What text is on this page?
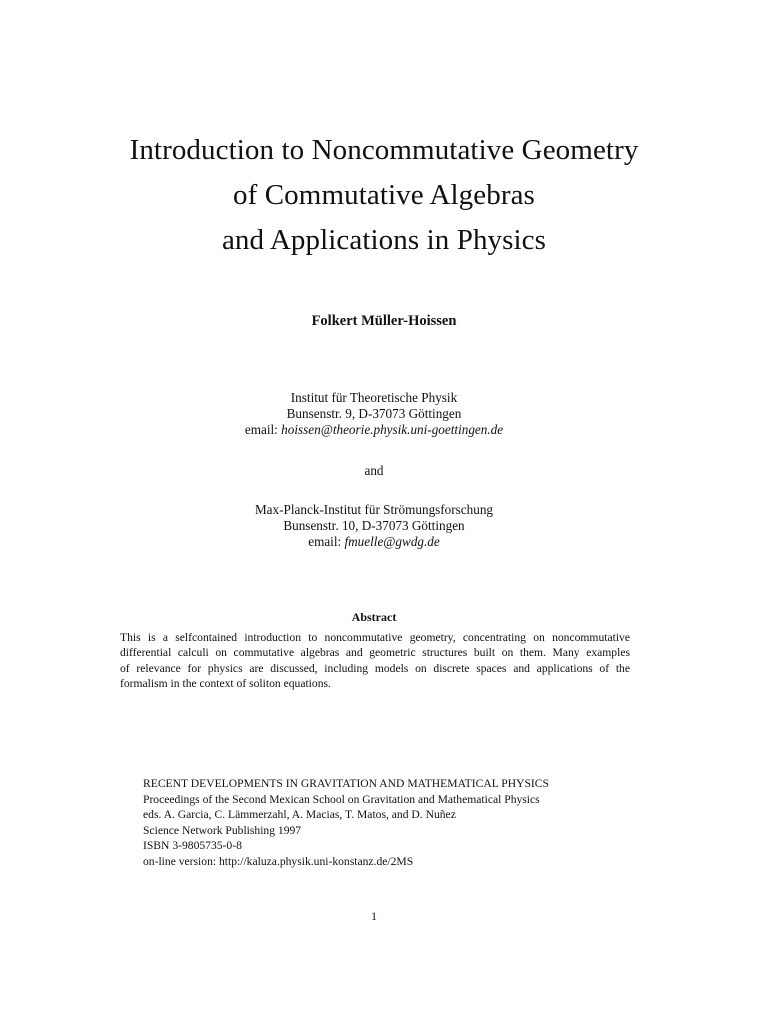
Introduction to Noncommutative Geometry
of Commutative Algebras
and Applications in Physics
Folkert Müller-Hoissen
Institut für Theoretische Physik
Bunsenstr. 9, D-37073 Göttingen
email: hoissen@theorie.physik.uni-goettingen.de
and
Max-Planck-Institut für Strömungsforschung
Bunsenstr. 10, D-37073 Göttingen
email: fmuelle@gwdg.de
Abstract
This is a selfcontained introduction to noncommutative geometry, concentrating on noncommutative
differential calculi on commutative algebras and geometric structures built on them. Many examples
of relevance for physics are discussed, including models on discrete spaces and applications of the
formalism in the context of soliton equations.
RECENT DEVELOPMENTS IN GRAVITATION AND MATHEMATICAL PHYSICS
Proceedings of the Second Mexican School on Gravitation and Mathematical Physics
eds. A. Garcia, C. Lämmerzahl, A. Macias, T. Matos, and D. Nuñez
Science Network Publishing 1997
ISBN 3-9805735-0-8
on-line version: http://kaluza.physik.uni-konstanz.de/2MS
1
